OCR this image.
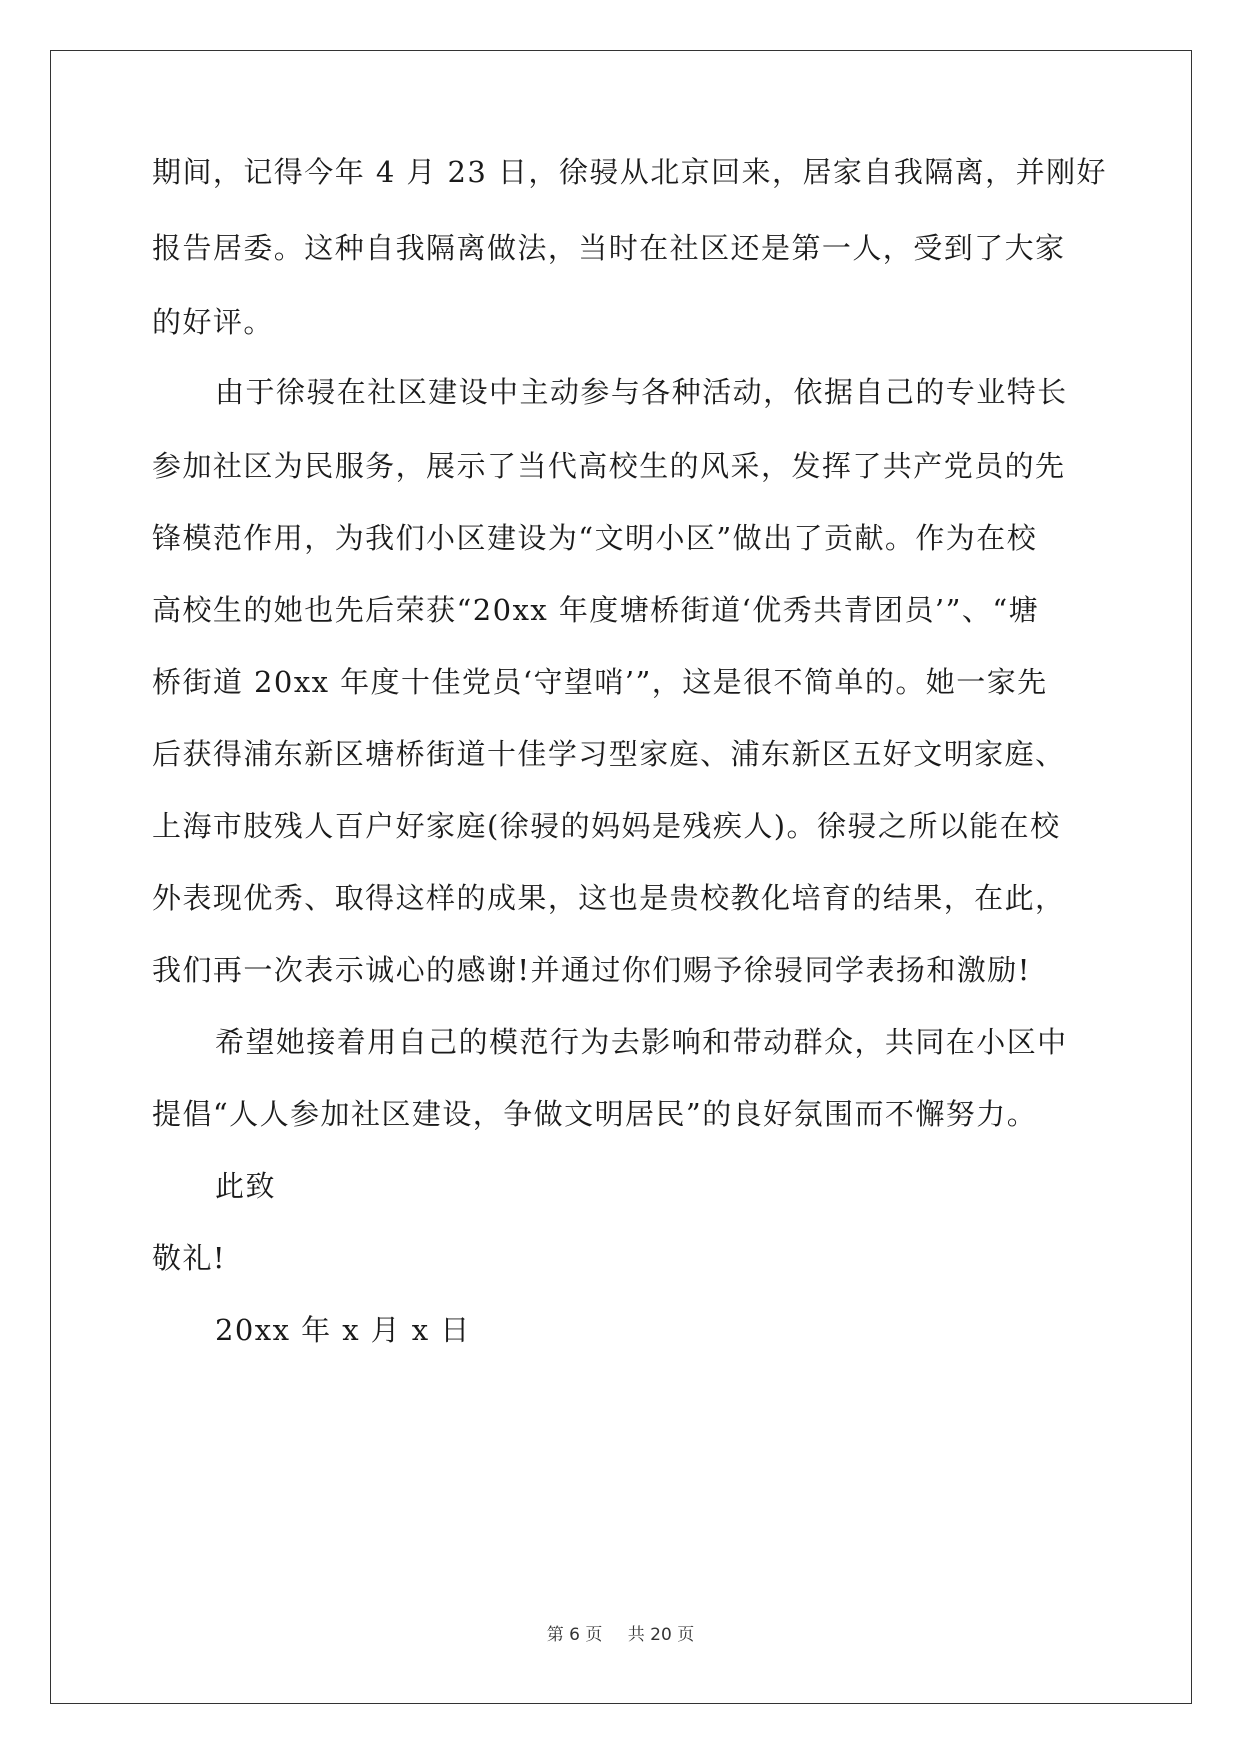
期间，记得今年 4 月 23 日，徐骎从北京回来，居家自我隔离，并刚好
报告居委。这种自我隔离做法，当时在社区还是第一人，受到了大家
的好评。
由于徐骎在社区建设中主动参与各种活动，依据自己的专业特长
参加社区为民服务，展示了当代高校生的风采，发挥了共产党员的先
锋模范作用，为我们小区建设为“文明小区”做出了贡献。作为在校
高校生的她也先后荣获“20xx 年度塘桥街道‘优秀共青团员’”、“塘
桥街道 20xx 年度十佳党员‘守望哨’”，这是很不简单的。她一家先
后获得浦东新区塘桥街道十佳学习型家庭、浦东新区五好文明家庭、
上海市肢残人百户好家庭(徐骎的妈妈是残疾人)。徐骎之所以能在校
外表现优秀、取得这样的成果，这也是贵校教化培育的结果，在此，
我们再一次表示诚心的感谢!并通过你们赐予徐骎同学表扬和激励!
希望她接着用自己的模范行为去影响和带动群众，共同在小区中
提倡“人人参加社区建设，争做文明居民”的良好氛围而不懈努力。
此致
敬礼!
20xx 年 x 月 x 日
第 6 页 共 20 页
